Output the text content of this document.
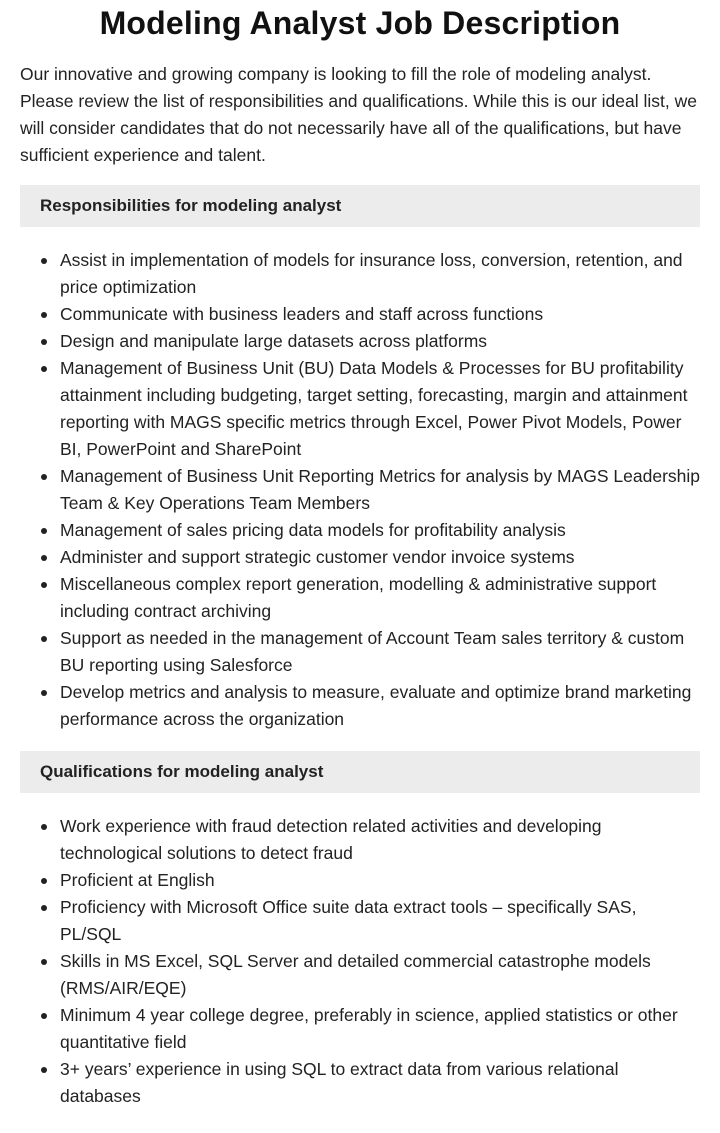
Modeling Analyst Job Description

Our innovative and growing company is looking to fill the role of modeling analyst. Please review the list of responsibilities and qualifications. While this is our ideal list, we will consider candidates that do not necessarily have all of the qualifications, but have sufficient experience and talent.

Responsibilities for modeling analyst
Assist in implementation of models for insurance loss, conversion, retention, and price optimization
Communicate with business leaders and staff across functions
Design and manipulate large datasets across platforms
Management of Business Unit (BU) Data Models & Processes for BU profitability attainment including budgeting, target setting, forecasting, margin and attainment reporting with MAGS specific metrics through Excel, Power Pivot Models, Power BI, PowerPoint and SharePoint
Management of Business Unit Reporting Metrics for analysis by MAGS Leadership Team & Key Operations Team Members
Management of sales pricing data models for profitability analysis
Administer and support strategic customer vendor invoice systems
Miscellaneous complex report generation, modelling & administrative support including contract archiving
Support as needed in the management of Account Team sales territory & custom BU reporting using Salesforce
Develop metrics and analysis to measure, evaluate and optimize brand marketing performance across the organization
Qualifications for modeling analyst
Work experience with fraud detection related activities and developing technological solutions to detect fraud
Proficient at English
Proficiency with Microsoft Office suite data extract tools – specifically SAS, PL/SQL
Skills in MS Excel, SQL Server and detailed commercial catastrophe models (RMS/AIR/EQE)
Minimum 4 year college degree, preferably in science, applied statistics or other quantitative field
3+ years’ experience in using SQL to extract data from various relational databases
